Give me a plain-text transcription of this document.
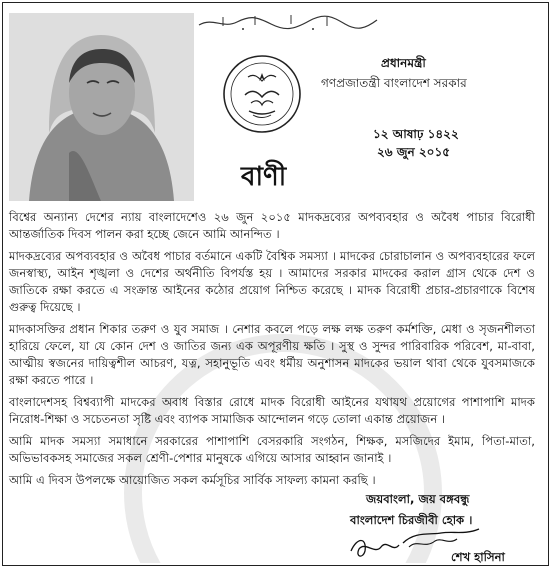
প্রধানমন্ত্রী
গণপ্রজাতন্ত্রী বাংলাদেশ সরকার
১২ আষাঢ় ১৪২২
২৬ জুন ২০১৫
বাণী

বিশ্বের অন্যান্য দেশের ন্যায় বাংলাদেশেও ২৬ জুন ২০১৫ মাদকদ্রব্যের অপব্যবহার ও অবৈধ পাচার বিরোধী আন্তর্জাতিক দিবস পালন করা হচ্ছে জেনে আমি আনন্দিত ।

মাদকদ্রব্যের অপব্যবহার ও অবৈধ পাচার বর্তমানে একটি বৈশ্বিক সমস্যা । মাদকের চোরাচালান ও অপব্যবহারের ফলে জনস্বাস্থ্য, আইন শৃঙ্খলা ও দেশের অর্থনীতি বিপর্যস্ত হয় । আমাদের সরকার মাদকের করাল গ্রাস থেকে দেশ ও জাতিকে রক্ষা করতে এ সংক্রান্ত আইনের কঠোর প্রয়োগ নিশ্চিত করেছে । মাদক বিরোধী প্রচার-প্রচারণাকে বিশেষ গুরুত্ব দিয়েছে ।

মাদকাসক্তির প্রধান শিকার তরুণ ও যুব সমাজ । নেশার কবলে পড়ে লক্ষ লক্ষ তরুণ কর্মশক্তি, মেধা ও সৃজনশীলতা হারিয়ে ফেলে, যা যে কোন দেশ ও জাতির জন্য এক অপূরণীয় ক্ষতি । সুস্থ ও সুন্দর পারিবারিক পরিবেশ, মা-বাবা, আত্মীয় স্বজনের দায়িত্বশীল আচরণ, যত্ন, সহানুভূতি এবং ধর্মীয় অনুশাসন মাদকের ভয়াল থাবা থেকে যুবসমাজকে রক্ষা করতে পারে ।

বাংলাদেশসহ বিশ্বব্যাপী মাদকের অবাধ বিস্তার রোধে মাদক বিরোধী আইনের যথাযথ প্রয়োগের পাশাপাশি মাদক নিরোধ-শিক্ষা ও সচেতনতা সৃষ্টি এবং ব্যাপক সামাজিক আন্দোলন গড়ে তোলা একান্ত প্রয়োজন ।

আমি মাদক সমস্যা সমাধানে সরকারের পাশাপাশি বেসরকারি সংগঠন, শিক্ষক, মসজিদের ইমাম, পিতা-মাতা, অভিভাবকসহ সমাজের সকল শ্রেণী-পেশার মানুষকে এগিয়ে আসার আহ্বান জানাই ।

আমি এ দিবস উপলক্ষে আয়োজিত সকল কর্মসূচির সার্বিক সাফল্য কামনা করছি ।

জয়বাংলা, জয় বঙ্গবন্ধু
বাংলাদেশ চিরজীবী হোক ।
শেখ হাসিনা
